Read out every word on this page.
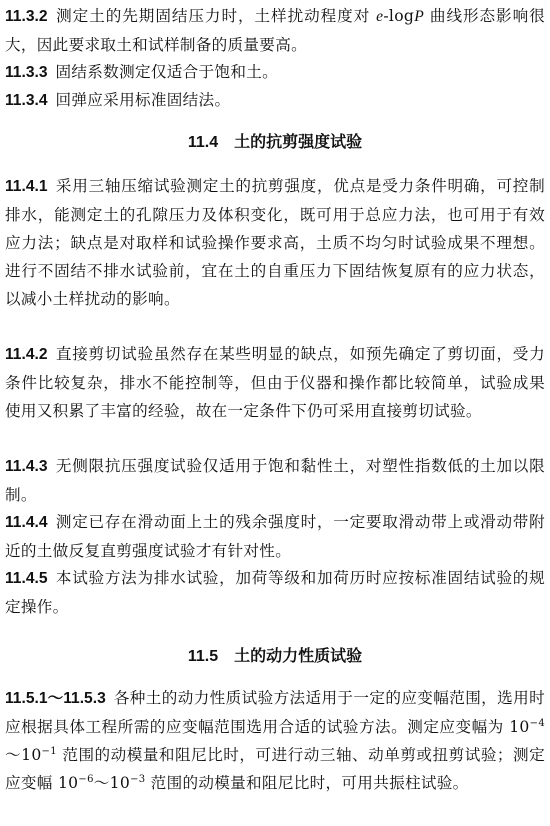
11.3.2 测定土的先期固结压力时，土样扰动程度对 e-logP 曲线形态影响很大，因此要求取土和试样制备的质量要高。

11.3.3 固结系数测定仅适合于饱和土。

11.3.4 回弹应采用标准固结法。

11.4 土的抗剪强度试验

11.4.1 采用三轴压缩试验测定土的抗剪强度，优点是受力条件明确，可控制排水，能测定土的孔隙压力及体积变化，既可用于总应力法，也可用于有效应力法；缺点是对取样和试验操作要求高，土质不均匀时试验成果不理想。进行不固结不排水试验前，宜在土的自重压力下固结恢复原有的应力状态，以减小土样扰动的影响。

11.4.2 直接剪切试验虽然存在某些明显的缺点，如预先确定了剪切面，受力条件比较复杂，排水不能控制等，但由于仪器和操作都比较简单，试验成果使用又积累了丰富的经验，故在一定条件下仍可采用直接剪切试验。

11.4.3 无侧限抗压强度试验仅适用于饱和黏性土，对塑性指数低的土加以限制。

11.4.4 测定已存在滑动面上土的残余强度时，一定要取滑动带上或滑动带附近的土做反复直剪强度试验才有针对性。

11.4.5 本试验方法为排水试验，加荷等级和加荷历时应按标准固结试验的规定操作。

11.5 土的动力性质试验

11.5.1～11.5.3 各种土的动力性质试验方法适用于一定的应变幅范围，选用时应根据具体工程所需的应变幅范围选用合适的试验方法。测定应变幅为 $10^{-4}\sim 10^{-1}$ 范围的动模量和阻尼比时，可进行动三轴、动单剪或扭剪试验；测定应变幅 $10^{-6}\sim 10^{-3}$ 范围的动模量和阻尼比时，可用共振柱试验。
